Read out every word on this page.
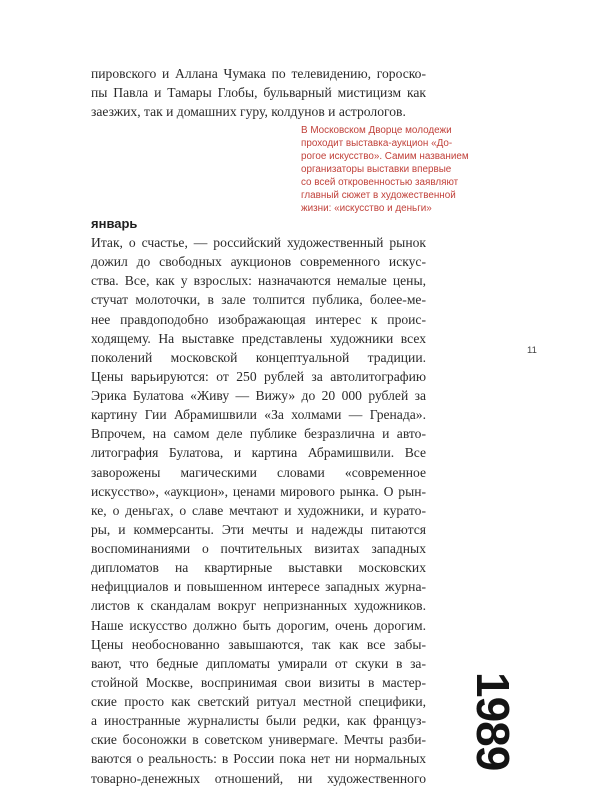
пировского и Аллана Чумака по телевидению, гороско-
пы Павла и Тамары Глобы, бульварный мистицизм как
заезжих, так и домашних гуру, колдунов и астрологов.
В Московском Дворце молодежи
проходит выставка-аукцион «До-
рогое искусство». Самим названием
организаторы выставки впервые
со всей откровенностью заявляют
главный сюжет в художественной
жизни: «искусство и деньги»
январь
Итак, о счастье, — российский художественный рынок
дожил до свободных аукционов современного искус-
ства. Все, как у взрослых: назначаются немалые цены,
стучат молоточки, в зале толпится публика, более-ме-
нее правдоподобно изображающая интерес к проис-
ходящему. На выставке представлены художники всех
поколений московской концептуальной традиции.
Цены варьируются: от 250 рублей за автолитографию
Эрика Булатова «Живу — Вижу» до 20 000 рублей за
картину Гии Абрамишвили «За холмами — Гренада».
Впрочем, на самом деле публике безразлична и авто-
литография Булатова, и картина Абрамишвили. Все
заворожены магическими словами «современное
искусство», «аукцион», ценами мирового рынка. О рын-
ке, о деньгах, о славе мечтают и художники, и курато-
ры, и коммерсанты. Эти мечты и надежды питаются
воспоминаниями о почтительных визитах западных
дипломатов на квартирные выставки московских
нефицциалов и повышенном интересе западных журна-
листов к скандалам вокруг непризнанных художников.
Наше искусство должно быть дорогим, очень дорогим.
Цены необоснованно завышаются, так как все забы-
вают, что бедные дипломаты умирали от скуки в за-
стойной Москве, воспринимая свои визиты в мастер-
ские просто как светский ритуал местной специфики,
а иностранные журналисты были редки, как француз-
ские босоножки в советском универмаге. Мечты разби-
ваются о реальность: в России пока нет ни нормальных
товарно-денежных отношений, ни художественного
11
1989
